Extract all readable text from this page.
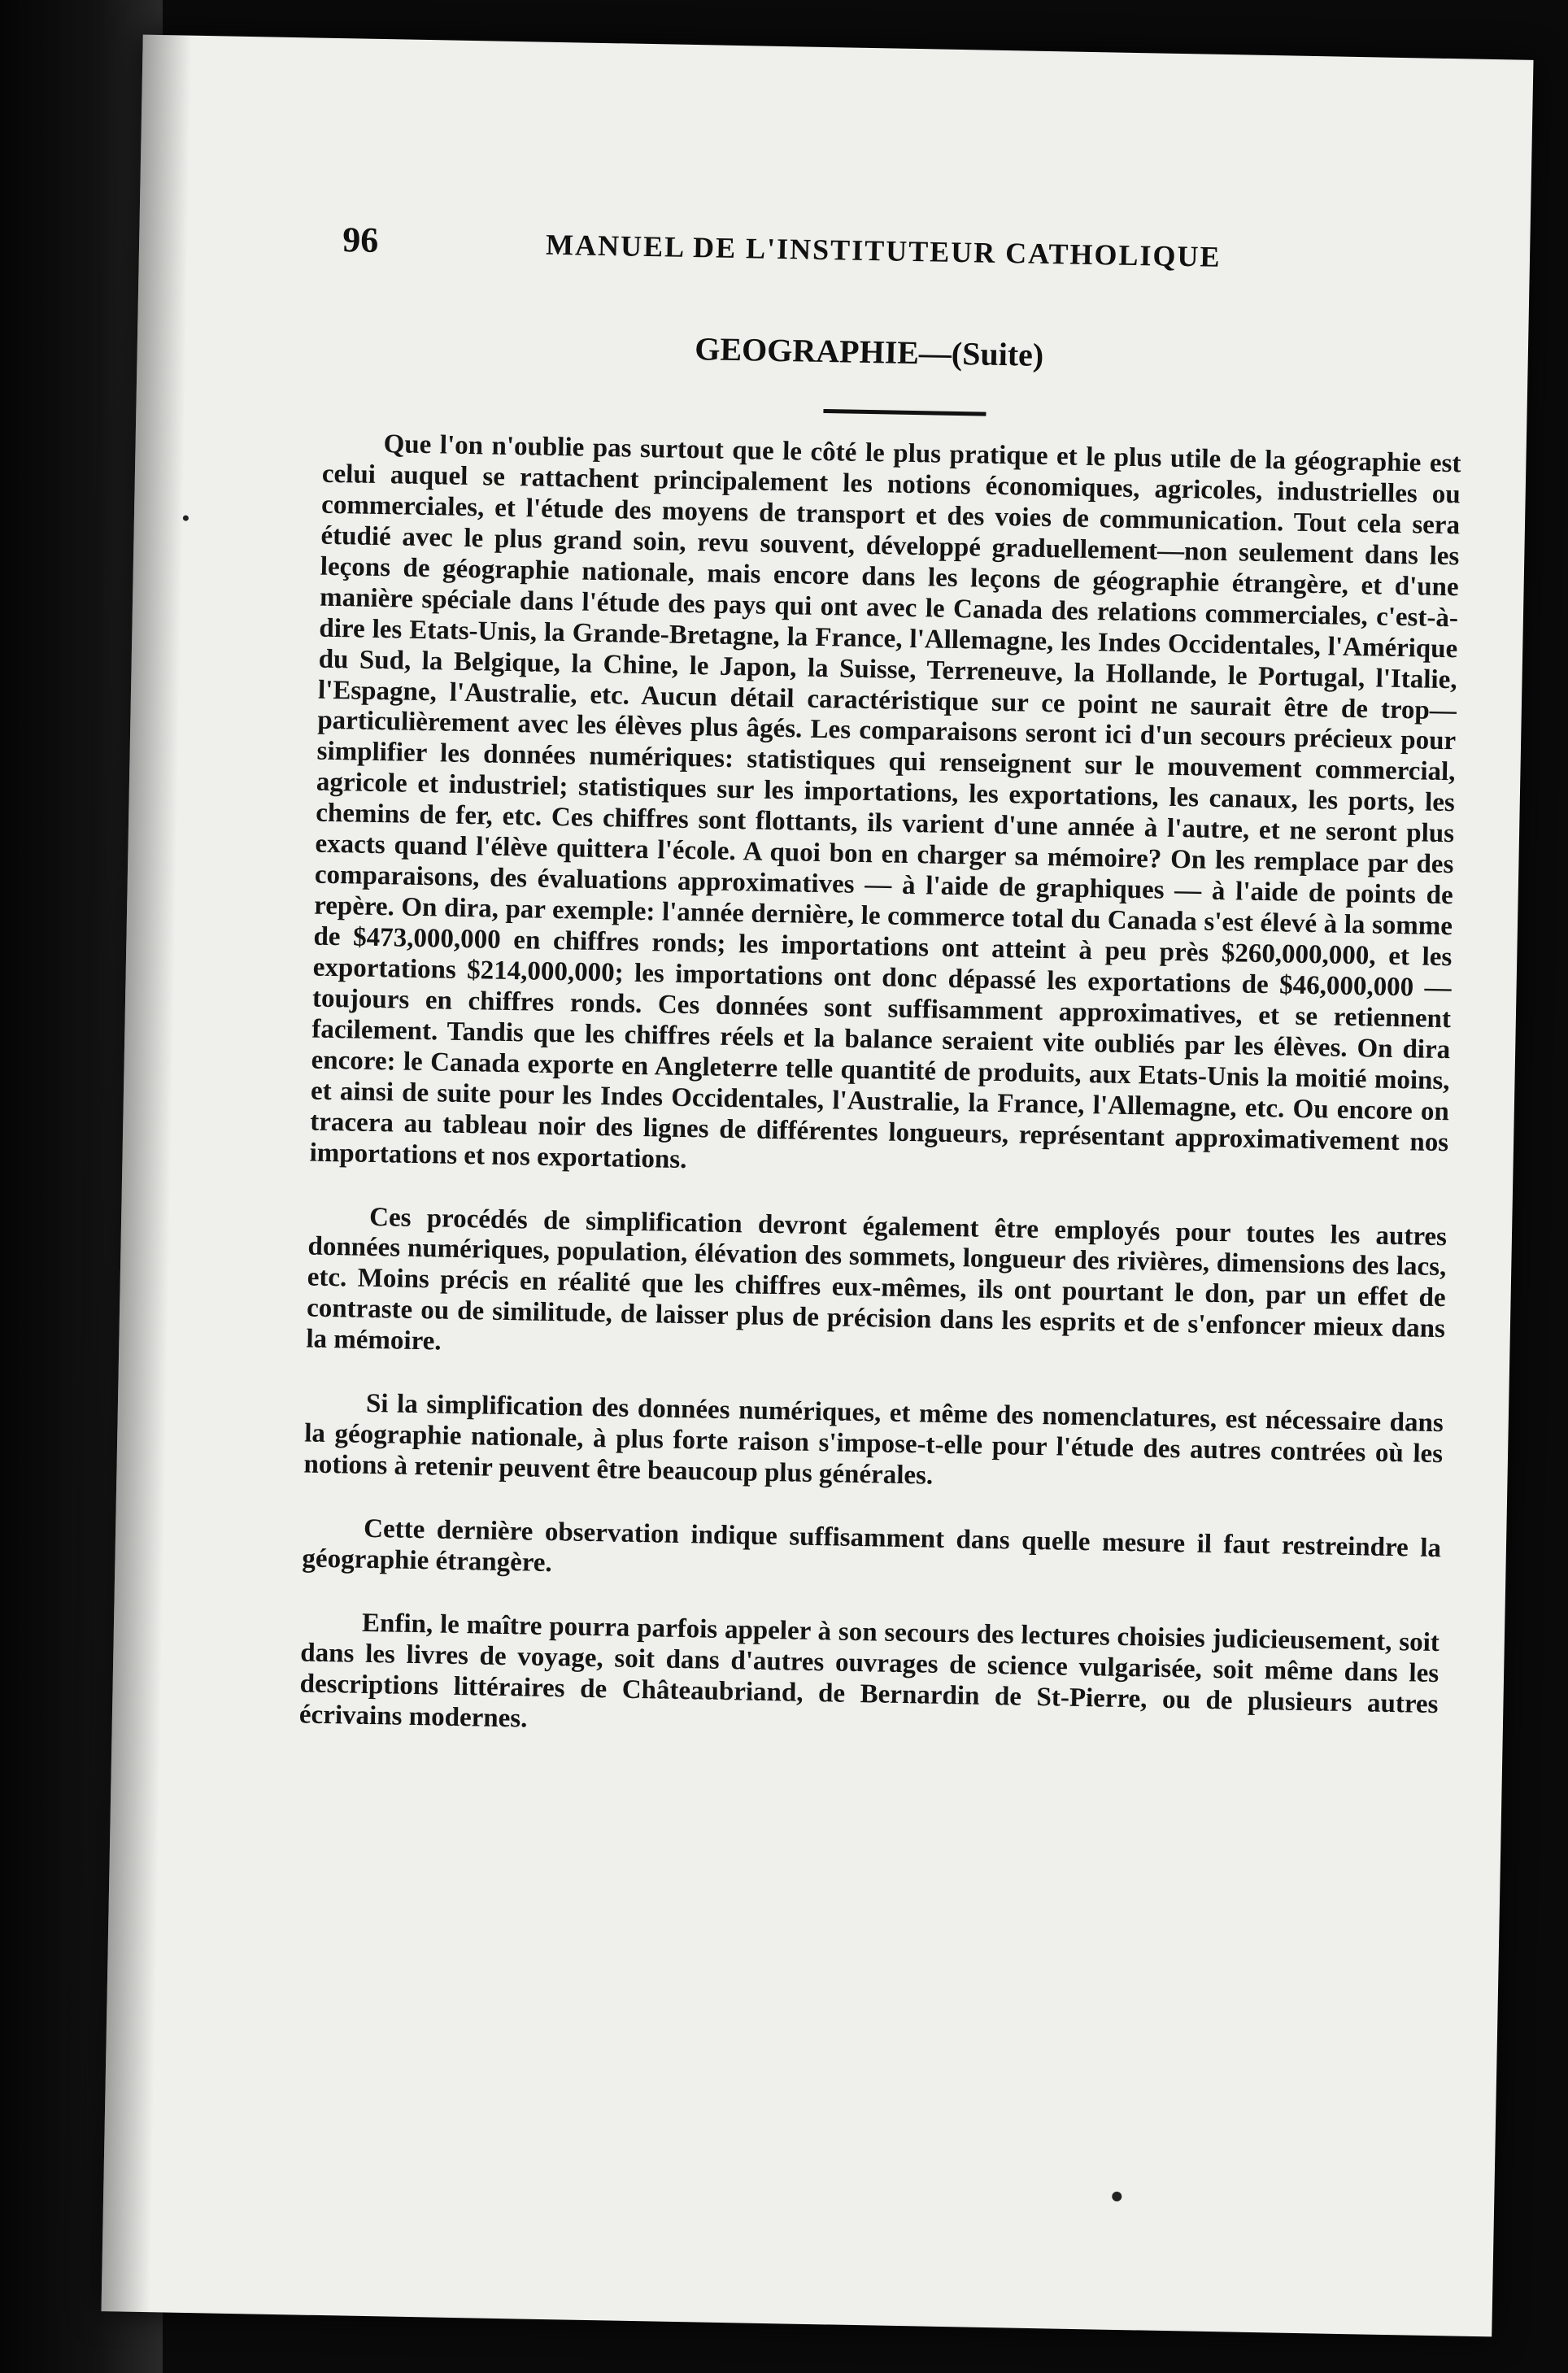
96	MANUEL DE L'INSTITUTEUR CATHOLIQUE
GEOGRAPHIE—(Suite)

Que l'on n'oublie pas surtout que le côté le plus pratique et le plus utile de la géographie est celui auquel se rattachent principalement les notions économiques, agricoles, industrielles ou commerciales, et l'étude des moyens de transport et des voies de communication. Tout cela sera étudié avec le plus grand soin, revu souvent, développé graduellement—non seulement dans les leçons de géographie nationale, mais encore dans les leçons de géographie étrangère, et d'une manière spéciale dans l'étude des pays qui ont avec le Canada des relations commerciales, c'est-à-dire les Etats-Unis, la Grande-Bretagne, la France, l'Allemagne, les Indes Occidentales, l'Amérique du Sud, la Belgique, la Chine, le Japon, la Suisse, Terreneuve, la Hollande, le Portugal, l'Italie, l'Espagne, l'Australie, etc. Aucun détail caractéristique sur ce point ne saurait être de trop—particulièrement avec les élèves plus âgés. Les comparaisons seront ici d'un secours précieux pour simplifier les données numériques: statistiques qui renseignent sur le mouvement commercial, agricole et industriel; statistiques sur les importations, les exportations, les canaux, les ports, les chemins de fer, etc. Ces chiffres sont flottants, ils varient d'une année à l'autre, et ne seront plus exacts quand l'élève quittera l'école. A quoi bon en charger sa mémoire? On les remplace par des comparaisons, des évaluations approximatives — à l'aide de graphiques — à l'aide de points de repère. On dira, par exemple: l'année dernière, le commerce total du Canada s'est élevé à la somme de $473,000,000 en chiffres ronds; les importations ont atteint à peu près $260,000,000, et les exportations $214,000,000; les importations ont donc dépassé les exportations de $46,000,000 — toujours en chiffres ronds. Ces données sont suffisamment approximatives, et se retiennent facilement. Tandis que les chiffres réels et la balance seraient vite oubliés par les élèves. On dira encore: le Canada exporte en Angleterre telle quantité de produits, aux Etats-Unis la moitié moins, et ainsi de suite pour les Indes Occidentales, l'Australie, la France, l'Allemagne, etc. Ou encore on tracera au tableau noir des lignes de différentes longueurs, représentant approximativement nos importations et nos exportations.

Ces procédés de simplification devront également être employés pour toutes les autres données numériques, population, élévation des sommets, longueur des rivières, dimensions des lacs, etc. Moins précis en réalité que les chiffres eux-mêmes, ils ont pourtant le don, par un effet de contraste ou de similitude, de laisser plus de précision dans les esprits et de s'enfoncer mieux dans la mémoire.

Si la simplification des données numériques, et même des nomenclatures, est nécessaire dans la géographie nationale, à plus forte raison s'impose-t-elle pour l'étude des autres contrées où les notions à retenir peuvent être beaucoup plus générales.

Cette dernière observation indique suffisamment dans quelle mesure il faut restreindre la géographie étrangère.

Enfin, le maître pourra parfois appeler à son secours des lectures choisies judicieusement, soit dans les livres de voyage, soit dans d'autres ouvrages de science vulgarisée, soit même dans les descriptions littéraires de Châteaubriand, de Bernardin de St-Pierre, ou de plusieurs autres écrivains modernes.
